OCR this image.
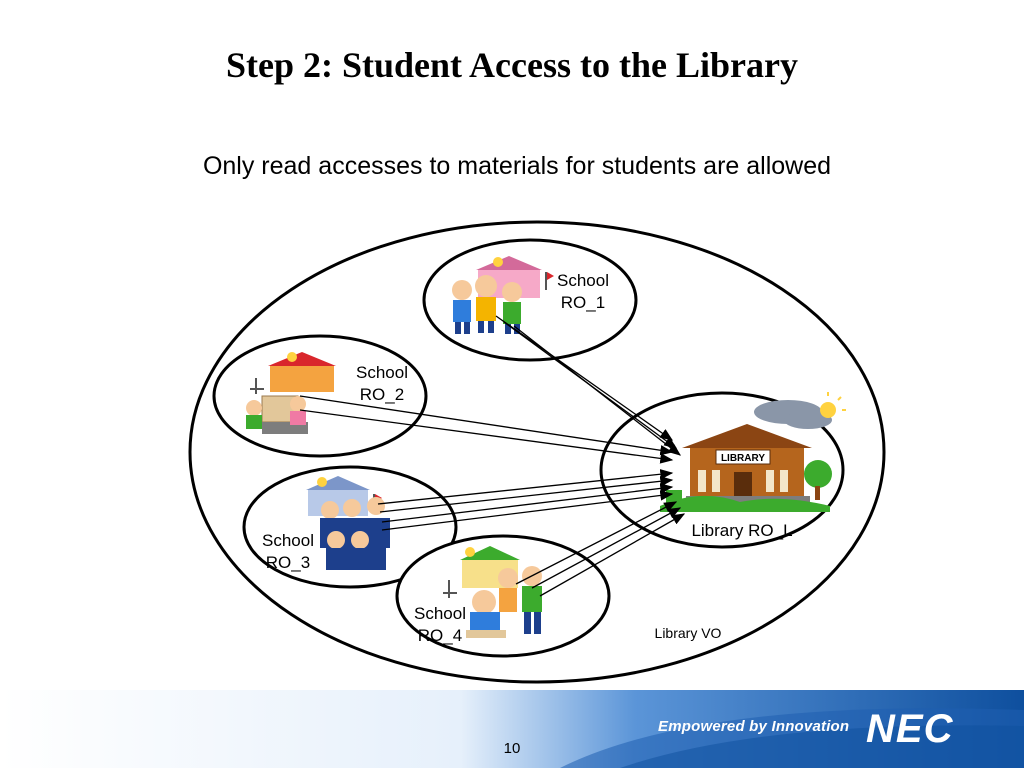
Step 2: Student Access to the Library
Only read accesses to materials for students are allowed
LIBRARY
School
RO_1
School
RO_2
School
RO_3
School
RO_4
Library RO_L
Library VO
Empowered by Innovation NEC
10
